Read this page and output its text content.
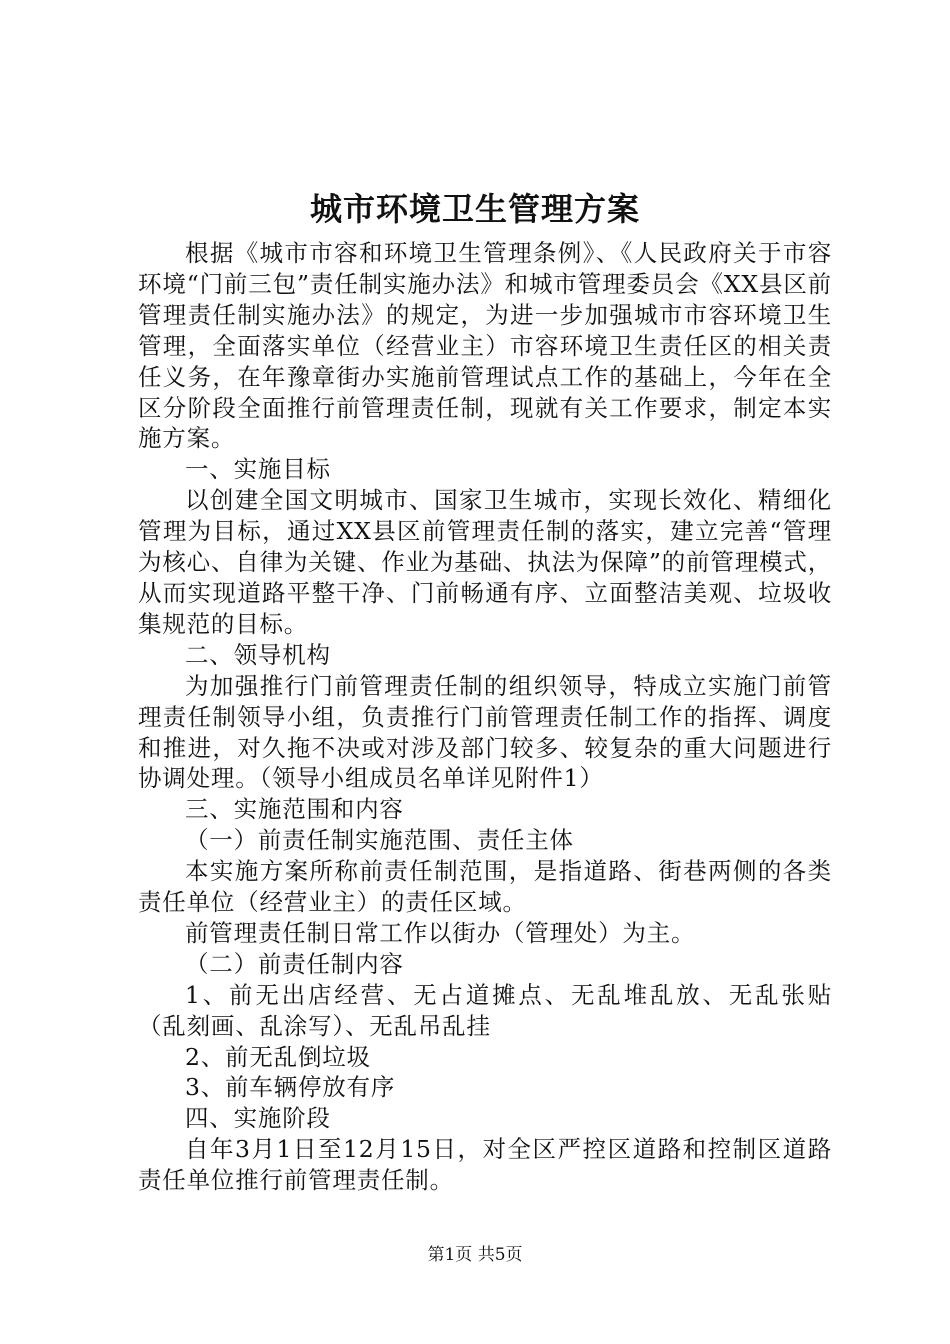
城市环境卫生管理方案

根据《城市市容和环境卫生管理条例》、《人民政府关于市容环境“门前三包”责任制实施办法》和城市管理委员会《XX县区前管理责任制实施办法》的规定，为进一步加强城市市容环境卫生管理，全面落实单位（经营业主）市容环境卫生责任区的相关责任义务，在年豫章街办实施前管理试点工作的基础上，今年在全区分阶段全面推行前管理责任制，现就有关工作要求，制定本实施方案。

一、实施目标

以创建全国文明城市、国家卫生城市，实现长效化、精细化管理为目标，通过XX县区前管理责任制的落实，建立完善“管理为核心、自律为关键、作业为基础、执法为保障”的前管理模式，从而实现道路平整干净、门前畅通有序、立面整洁美观、垃圾收集规范的目标。

二、领导机构

为加强推行门前管理责任制的组织领导，特成立实施门前管理责任制领导小组，负责推行门前管理责任制工作的指挥、调度和推进，对久拖不决或对涉及部门较多、较复杂的重大问题进行协调处理。（领导小组成员名单详见附件1）

三、实施范围和内容

（一）前责任制实施范围、责任主体

本实施方案所称前责任制范围，是指道路、街巷两侧的各类责任单位（经营业主）的责任区域。

前管理责任制日常工作以街办（管理处）为主。

（二）前责任制内容

1、前无出店经营、无占道摊点、无乱堆乱放、无乱张贴（乱刻画、乱涂写）、无乱吊乱挂

2、前无乱倒垃圾

3、前车辆停放有序

四、实施阶段

自年3月1日至12月15日，对全区严控区道路和控制区道路责任单位推行前管理责任制。

第1页 共5页
